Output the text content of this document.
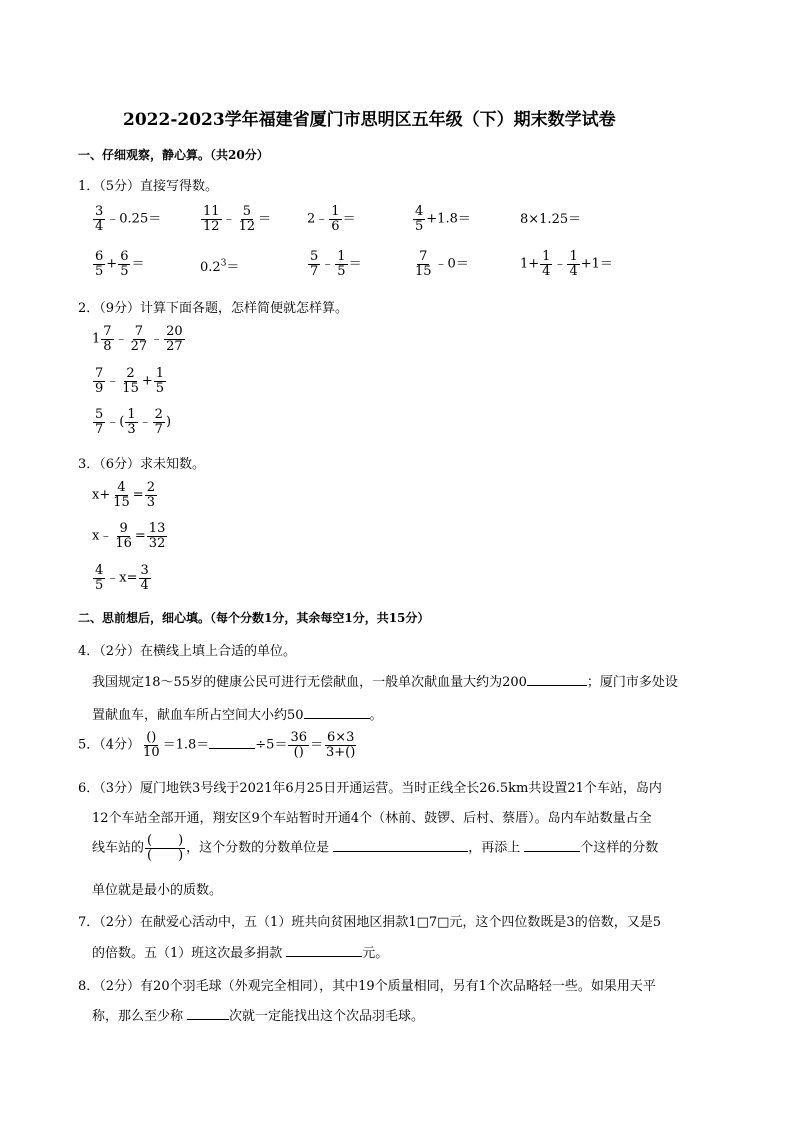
2022-2023学年福建省厦门市思明区五年级（下）期末数学试卷
一、仔细观察，静心算。（共20分）
1．（5分）直接写得数。
$\frac{3}{4}$ ﹣0.25＝	$\frac{11}{12}$ ﹣ $\frac{5}{12}$ ＝	2﹣ $\frac{1}{6}$ ＝	$\frac{4}{5} +1.8=$	8×1.25＝
$\frac{6}{5} + \frac{6}{5}$ ＝	$0.2^3=$	$\frac{5}{7}$ ﹣ $\frac{1}{5}$ ＝	$\frac{7}{15}$ ﹣0＝	$1+ \frac{1}{4}$ ﹣ $\frac{1}{4} +1=$
2．（9分）计算下面各题，怎样简便就怎样算。
$1 \frac{7}{8}$ ﹣ $\frac{7}{27}$ ﹣ $\frac{20}{27}$
$\frac{7}{9}$ ﹣ $\frac{2}{15} + \frac{1}{5}$
$\frac{5}{7}$ ﹣( $\frac{1}{3}$ ﹣ $\frac{2}{7}$ )
3．（6分）求未知数。
$x+ \frac{4}{15} = \frac{2}{3}$
x﹣ $\frac{9}{16} = \frac{13}{32}$
$\frac{4}{5}$ ﹣x= $\frac{3}{4}$
二、思前想后，细心填。（每个分数1分，其余每空1分，共15分）
4．（2分）在横线上填上合适的单位。
我国规定18～55岁的健康公民可进行无偿献血，一般单次献血量大约为200	；厦门市多处设
置献血车，献血车所占空间大小约50	。
5．（4分） $\frac{()}{10} =1.8=$	$\div 5= \frac{36}{()} = \frac{6\times 3}{3+()}$
6．（3分）厦门地铁3号线于2021年6月25日开通运营。当时正线全长26.5km共设置21个车站，岛内
12个车站全部开通，翔安区9个车站暂时开通4个（林前、鼓锣、后村、蔡厝）。岛内车站数量占全
线车站的 $\frac{( )}{( )}$ ，这个分数的分数单位是	，再添上	个这样的分数
单位就是最小的质数。
7．（2分）在献爱心活动中，五（1）班共向贫困地区捐款1□7□元，这个四位数既是3的倍数，又是5
的倍数。五（1）班这次最多捐款	元。
8．（2分）有20个羽毛球（外观完全相同），其中19个质量相同，另有1个次品略轻一些。如果用天平
称，那么至少称	次就一定能找出这个次品羽毛球。
